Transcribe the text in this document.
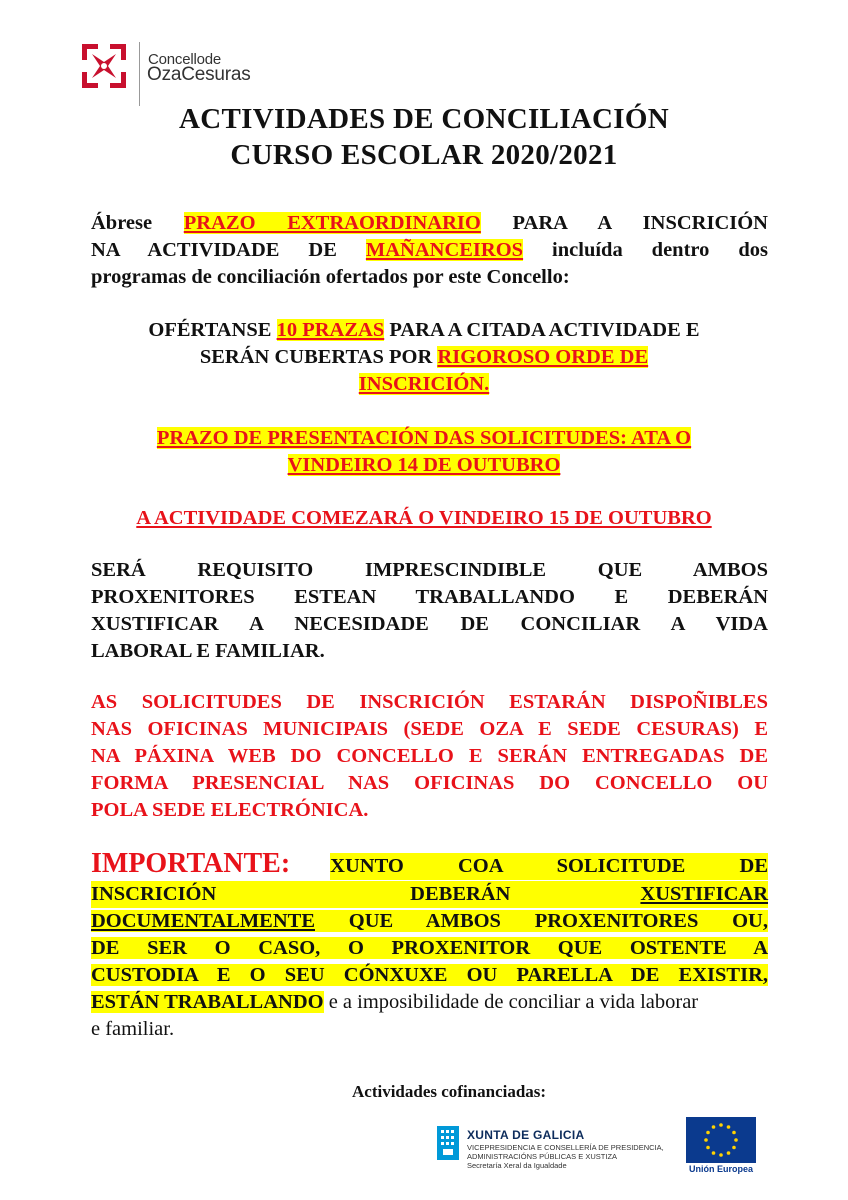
Concellode
OzaCesuras
ACTIVIDADES DE CONCILIACIÓN
CURSO ESCOLAR 2020/2021
Ábrese PRAZO EXTRAORDINARIO PARA A INSCRICIÓN
NA ACTIVIDADE DE MAÑANCEIROS incluída dentro dos
programas de conciliación ofertados por este Concello:
OFÉRTANSE 10 PRAZAS PARA A CITADA ACTIVIDADE E
SERÁN CUBERTAS POR RIGOROSO ORDE DE
INSCRICIÓN.
PRAZO DE PRESENTACIÓN DAS SOLICITUDES: ATA O
VINDEIRO 14 DE OUTUBRO
A ACTIVIDADE COMEZARÁ O VINDEIRO 15 DE OUTUBRO
SERÁ REQUISITO IMPRESCINDIBLE QUE AMBOS
PROXENITORES ESTEAN TRABALLANDO E DEBERÁN
XUSTIFICAR A NECESIDADE DE CONCILIAR A VIDA
LABORAL E FAMILIAR.
AS SOLICITUDES DE INSCRICIÓN ESTARÁN DISPOÑIBLES
NAS OFICINAS MUNICIPAIS (SEDE OZA E SEDE CESURAS) E
NA PÁXINA WEB DO CONCELLO E SERÁN ENTREGADAS DE
FORMA PRESENCIAL NAS OFICINAS DO CONCELLO OU
POLA SEDE ELECTRÓNICA.
IMPORTANTE: XUNTO COA SOLICITUDE DE
INSCRICIÓN DEBERÁN	XUSTIFICAR
DOCUMENTALMENTE QUE AMBOS PROXENITORES OU,
DE SER O CASO, O PROXENITOR QUE OSTENTE A
CUSTODIA E O SEU CÓNXUXE OU PARELLA DE EXISTIR,
ESTÁN TRABALLANDO e a imposibilidade de conciliar a vida laborar
e familiar.
Actividades cofinanciadas:
XUNTA DE GALICIA
VICEPRESIDENCIA E CONSELLERÍA DE PRESIDENCIA,
ADMINISTRACIÓNS PÚBLICAS E XUSTIZA
Secretaría Xeral da Igualdade	Unión Europea
